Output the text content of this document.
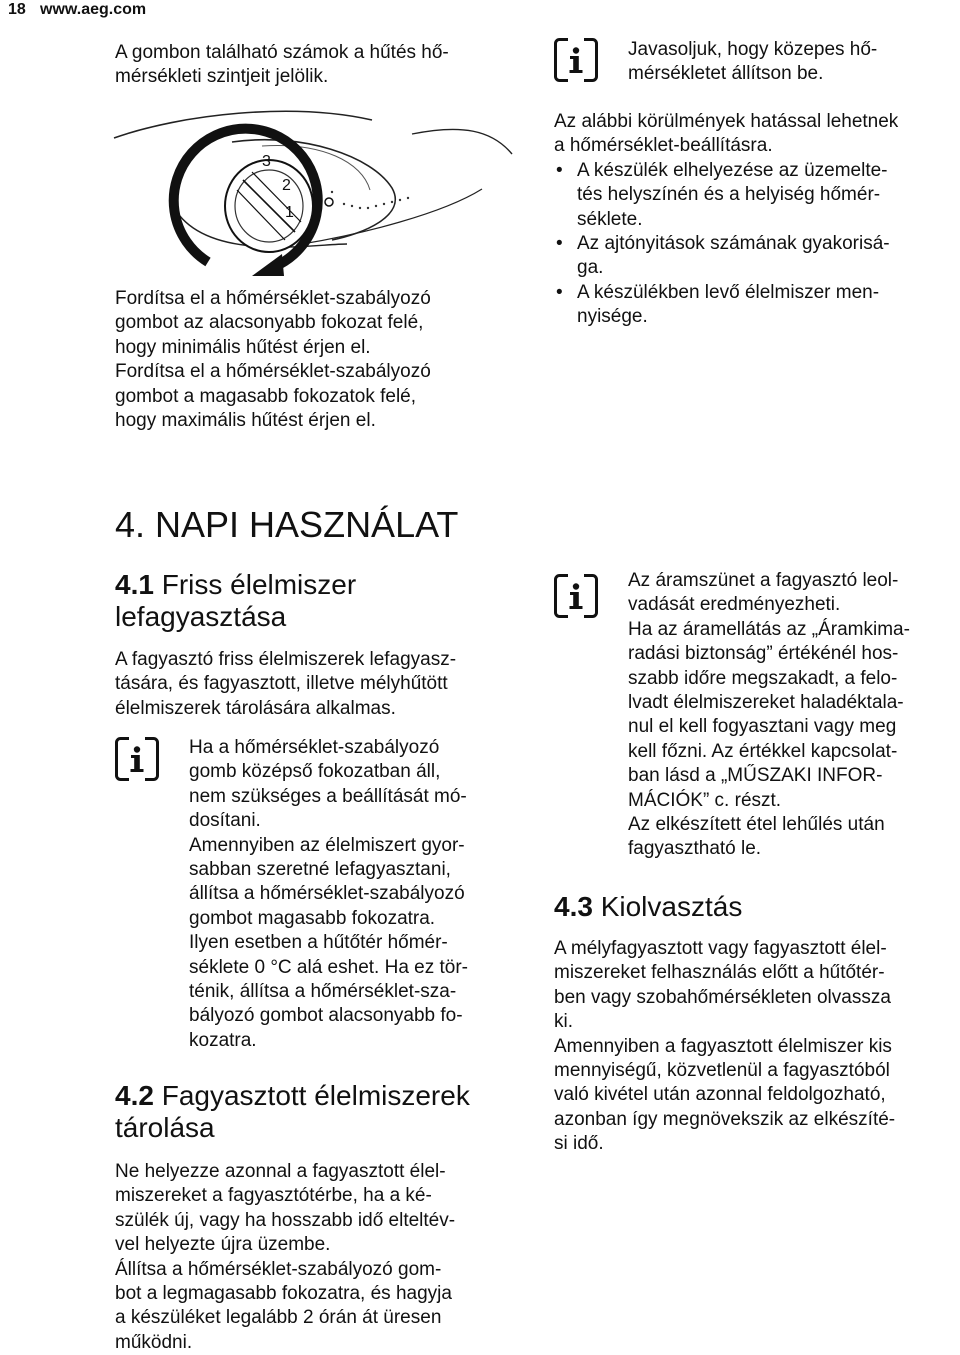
18 www.aeg.com
A gombon található számok a hűtés hő-
mérsékleti szintjeit jelölik.
3
2
1
Fordítsa el a hőmérséklet-szabályozó
gombot az alacsonyabb fokozat felé,
hogy minimális hűtést érjen el.
Fordítsa el a hőmérséklet-szabályozó
gombot a magasabb fokozatok felé,
hogy maximális hűtést érjen el.
Javasoljuk, hogy közepes hő-
mérsékletet állítson be.
Az alábbi körülmények hatással lehetnek
a hőmérséklet-beállításra.
• A készülék elhelyezése az üzemelte-
tés helyszínén és a helyiség hőmér-
séklete.
• Az ajtónyitások számának gyakorisá-
ga.
• A készülékben levő élelmiszer men-
nyisége.
4. NAPI HASZNÁLAT
4.1 Friss élelmiszer
lefagyasztása
A fagyasztó friss élelmiszerek lefagyasz-
tására, és fagyasztott, illetve mélyhűtött
élelmiszerek tárolására alkalmas.
Ha a hőmérséklet-szabályozó
gomb középső fokozatban áll,
nem szükséges a beállítását mó-
dosítani.
Amennyiben az élelmiszert gyor-
sabban szeretné lefagyasztani,
állítsa a hőmérséklet-szabályozó
gombot magasabb fokozatra.
Ilyen esetben a hűtőtér hőmér-
séklete 0 °C alá eshet. Ha ez tör-
ténik, állítsa a hőmérséklet-sza-
bályozó gombot alacsonyabb fo-
kozatra.
4.2 Fagyasztott élelmiszerek
tárolása
Ne helyezze azonnal a fagyasztott élel-
miszereket a fagyasztótérbe, ha a ké-
szülék új, vagy ha hosszabb idő elteltév-
vel helyezte újra üzembe.
Állítsa a hőmérséklet-szabályozó gom-
bot a legmagasabb fokozatra, és hagyja
a készüléket legalább 2 órán át üresen
működni.
Az áramszünet a fagyasztó leol-
vadását eredményezheti.
Ha az áramellátás az „Áramkima-
radási biztonság” értékénél hos-
szabb időre megszakadt, a felo-
lvadt élelmiszereket haladéktala-
nul el kell fogyasztani vagy meg
kell főzni. Az értékkel kapcsolat-
ban lásd a „MŰSZAKI INFOR-
MÁCIÓK” c. részt.
Az elkészített étel lehűlés után
fagyasztható le.
4.3 Kiolvasztás
A mélyfagyasztott vagy fagyasztott élel-
miszereket felhasználás előtt a hűtőtér-
ben vagy szobahőmérsékleten olvassza
ki.
Amennyiben a fagyasztott élelmiszer kis
mennyiségű, közvetlenül a fagyasztóból
való kivétel után azonnal feldolgozható,
azonban így megnövekszik az elkészíté-
si idő.
